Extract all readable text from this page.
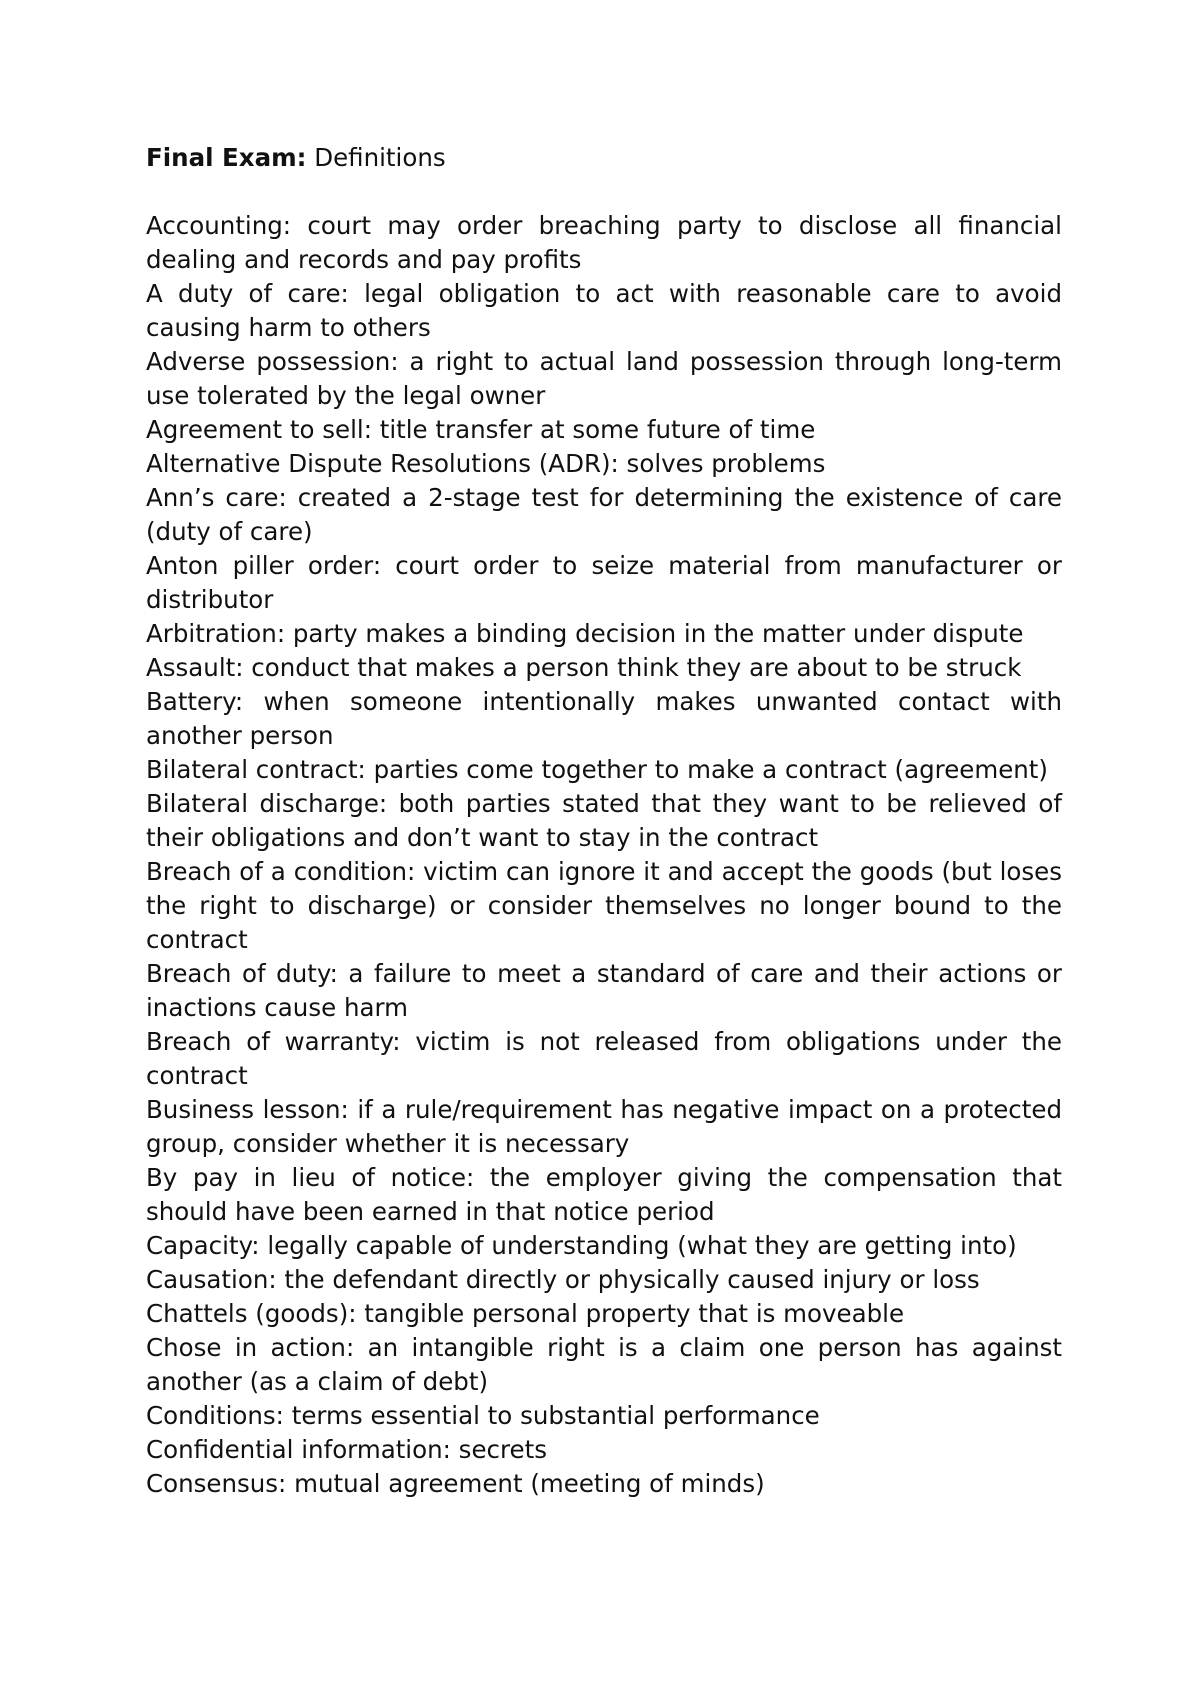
Final Exam: Definitions

Accounting: court may order breaching party to disclose all financial dealing and records and pay profits

A duty of care: legal obligation to act with reasonable care to avoid causing harm to others

Adverse possession: a right to actual land possession through long-term use tolerated by the legal owner

Agreement to sell: title transfer at some future of time

Alternative Dispute Resolutions (ADR): solves problems

Ann’s care: created a 2-stage test for determining the existence of care (duty of care)

Anton piller order: court order to seize material from manufacturer or distributor

Arbitration: party makes a binding decision in the matter under dispute

Assault: conduct that makes a person think they are about to be struck

Battery: when someone intentionally makes unwanted contact with another person

Bilateral contract: parties come together to make a contract (agreement)

Bilateral discharge: both parties stated that they want to be relieved of their obligations and don’t want to stay in the contract

Breach of a condition: victim can ignore it and accept the goods (but loses the right to discharge) or consider themselves no longer bound to the contract

Breach of duty: a failure to meet a standard of care and their actions or inactions cause harm

Breach of warranty: victim is not released from obligations under the contract

Business lesson: if a rule/requirement has negative impact on a protected group, consider whether it is necessary

By pay in lieu of notice: the employer giving the compensation that should have been earned in that notice period

Capacity: legally capable of understanding (what they are getting into)

Causation: the defendant directly or physically caused injury or loss

Chattels (goods): tangible personal property that is moveable

Chose in action: an intangible right is a claim one person has against another (as a claim of debt)

Conditions: terms essential to substantial performance

Confidential information: secrets

Consensus: mutual agreement (meeting of minds)
